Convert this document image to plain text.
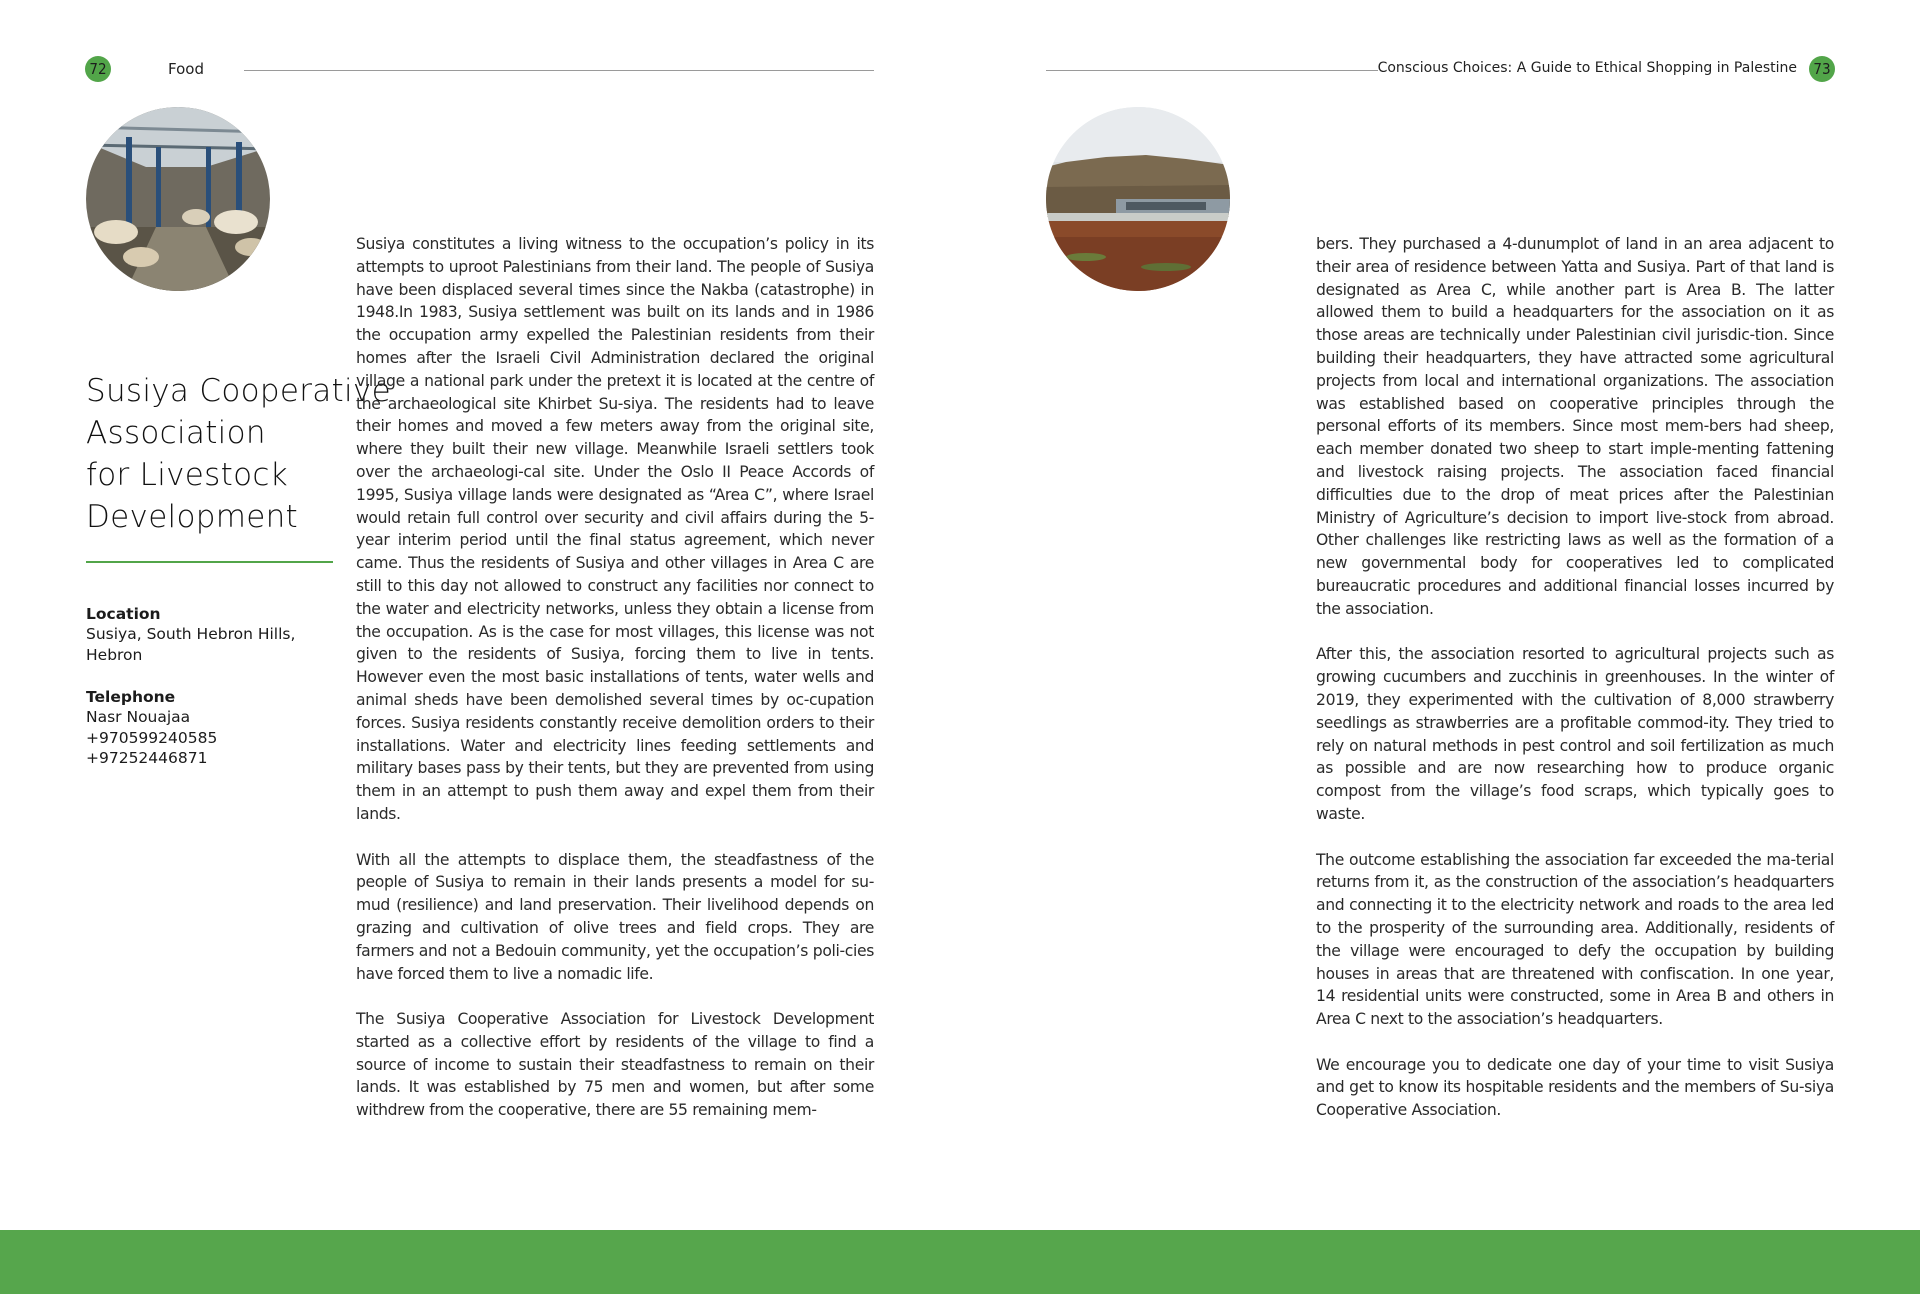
72	Food
Susiya Cooperative
Association
for Livestock
Development
Location
Susiya, South Hebron Hills,
Hebron
Telephone
Nasr Nouajaa
+970599240585
+97252446871

Susiya constitutes a living witness to the occupation’s policy in its attempts to uproot Palestinians from their land. The people of Susiya have been displaced several times since the Nakba (catastrophe) in 1948.In 1983, Susiya settlement was built on its lands and in 1986 the occupation army expelled the Palestinian residents from their homes after the Israeli Civil Administration declared the original village a national park under the pretext it is located at the centre of the archaeological site Khirbet Su-siya. The residents had to leave their homes and moved a few meters away from the original site, where they built their new village. Meanwhile Israeli settlers took over the archaeologi-cal site. Under the Oslo II Peace Accords of 1995, Susiya village lands were designated as “Area C”, where Israel would retain full control over security and civil affairs during the 5-year interim period until the final status agreement, which never came. Thus the residents of Susiya and other villages in Area C are still to this day not allowed to construct any facilities nor connect to the water and electricity networks, unless they obtain a license from the occupation. As is the case for most villages, this license was not given to the residents of Susiya, forcing them to live in tents. However even the most basic installations of tents, water wells and animal sheds have been demolished several times by oc-cupation forces. Susiya residents constantly receive demolition orders to their installations. Water and electricity lines feeding settlements and military bases pass by their tents, but they are prevented from using them in an attempt to push them away and expel them from their lands.

With all the attempts to displace them, the steadfastness of the people of Susiya to remain in their lands presents a model for su-mud (resilience) and land preservation. Their livelihood depends on grazing and cultivation of olive trees and field crops. They are farmers and not a Bedouin community, yet the occupation’s poli-cies have forced them to live a nomadic life.

The Susiya Cooperative Association for Livestock Development started as a collective effort by residents of the village to find a source of income to sustain their steadfastness to remain on their lands. It was established by 75 men and women, but after some withdrew from the cooperative, there are 55 remaining mem-

Conscious Choices: A Guide to Ethical Shopping in Palestine 73

bers. They purchased a 4-dunumplot of land in an area adjacent to their area of residence between Yatta and Susiya. Part of that land is designated as Area C, while another part is Area B. The latter allowed them to build a headquarters for the association on it as those areas are technically under Palestinian civil jurisdic-tion. Since building their headquarters, they have attracted some agricultural projects from local and international organizations. The association was established based on cooperative principles through the personal efforts of its members. Since most mem-bers had sheep, each member donated two sheep to start imple-menting fattening and livestock raising projects. The association faced financial difficulties due to the drop of meat prices after the Palestinian Ministry of Agriculture’s decision to import live-stock from abroad. Other challenges like restricting laws as well as the formation of a new governmental body for cooperatives led to complicated bureaucratic procedures and additional financial losses incurred by the association.

After this, the association resorted to agricultural projects such as growing cucumbers and zucchinis in greenhouses. In the winter of 2019, they experimented with the cultivation of 8,000 strawberry seedlings as strawberries are a profitable commod-ity. They tried to rely on natural methods in pest control and soil fertilization as much as possible and are now researching how to produce organic compost from the village’s food scraps, which typically goes to waste.

The outcome establishing the association far exceeded the ma-terial returns from it, as the construction of the association’s headquarters and connecting it to the electricity network and roads to the area led to the prosperity of the surrounding area. Additionally, residents of the village were encouraged to defy the occupation by building houses in areas that are threatened with confiscation. In one year, 14 residential units were constructed, some in Area B and others in Area C next to the association’s headquarters.

We encourage you to dedicate one day of your time to visit Susiya and get to know its hospitable residents and the members of Su-siya Cooperative Association.
